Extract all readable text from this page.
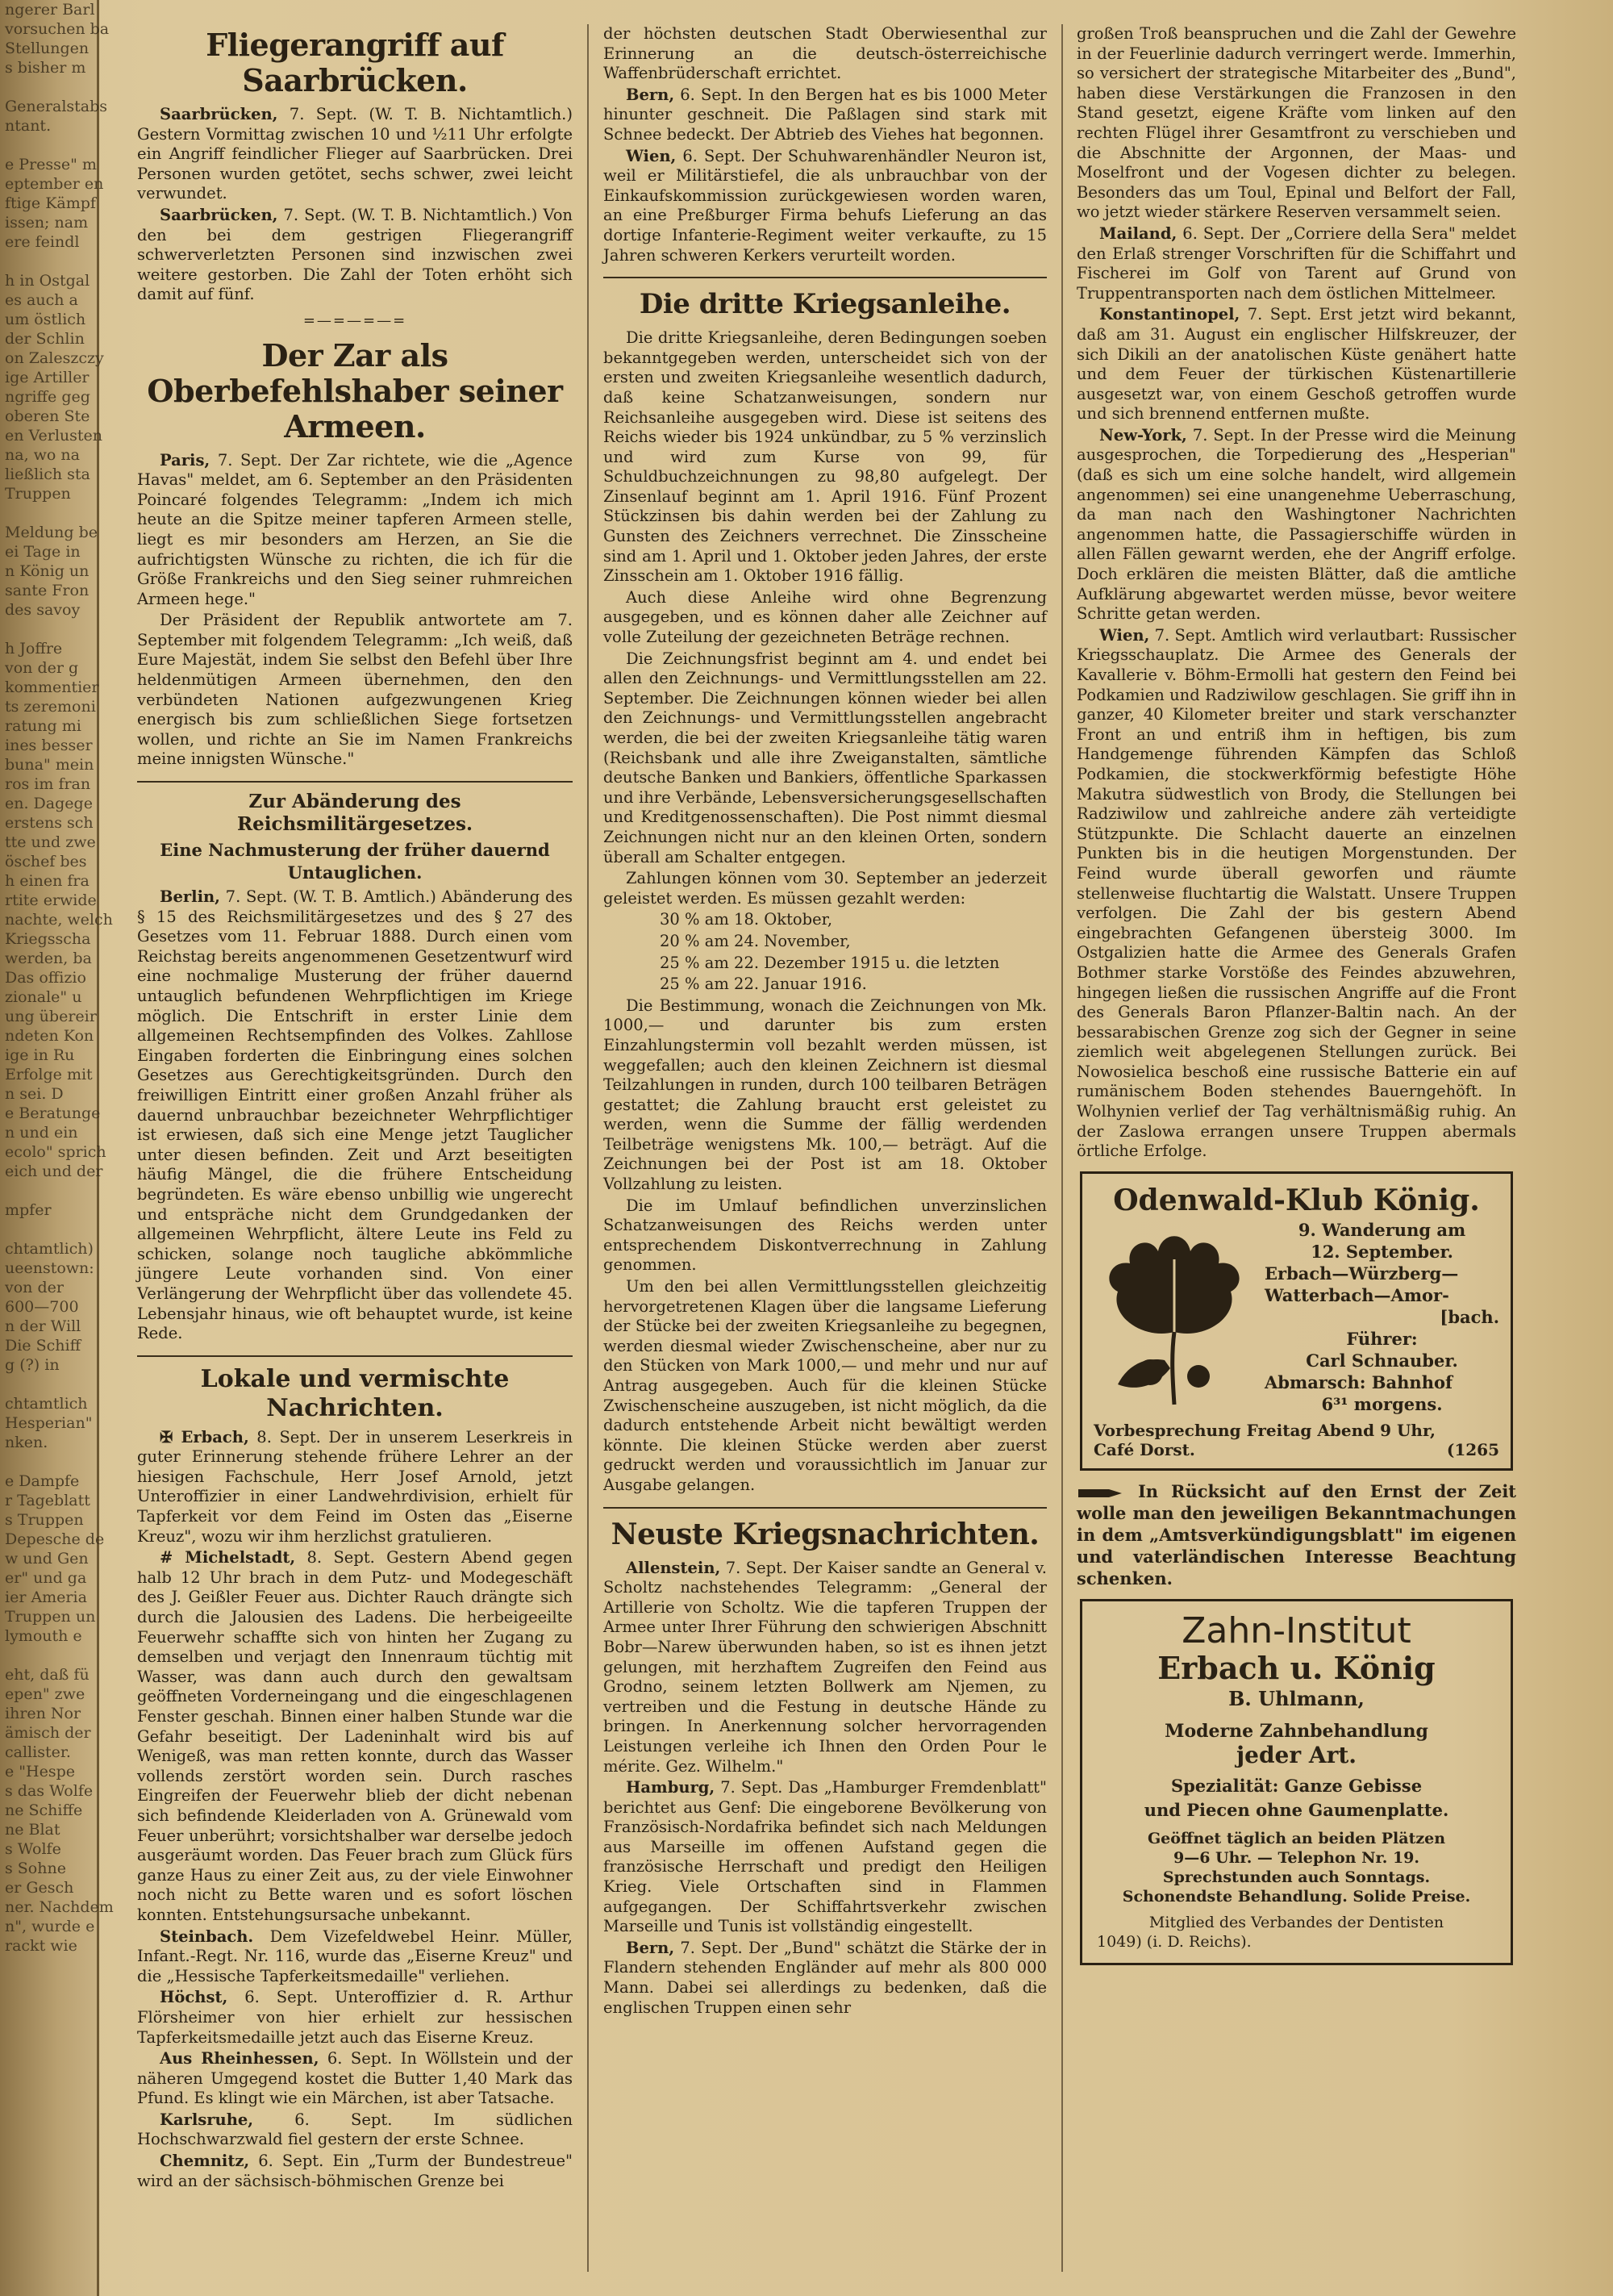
ngerer Barl
vorsuchen ba
Stellungen
s bisher m

Generalstabs
ntant.

e Presse" m
eptember en
ftige Kämpf
issen; nam
ere feindl

h in Ostgal
es auch a
um östlich
der Schlin
on Zaleszczy
ige Artiller
ngriffe geg
oberen Ste
en Verlusten
na, wo na
ließlich sta
Truppen

Meldung be
ei Tage in
n König un
sante Fron
des savoy

h Joffre
von der g
kommentier
ts zeremoni
ratung mi
ines besser
buna" mein
ros im fran
en. Dagege
erstens sch
tte und zwe
öschef bes
h einen fra
rtite erwide
nachte, welch
Kriegsscha
werden, ba
Das offizio
zionale" u
ung übereir
ndeten Kon
ige in Ru
Erfolge mit
n sei. D
e Beratunge
n und ein
ecolo" sprich
eich und der

mpfer

chtamtlich)
ueenstown:
von der
600—700
n der Will
Die Schiff
g (?) in

chtamtlich
Hesperian"
nken.

e Dampfe
r Tageblatt
s Truppen
Depesche de
w und Gen
er" und ga
ier Ameria
Truppen un
lymouth e

eht, daß fü
epen" zwe
ihren Nor
ämisch der
callister.
e "Hespe
s das Wolfe
ne Schiffe
ne Blat
s Wolfe
s Sohne
er Gesch
ner. Nachdem
n", wurde e
rackt wie
Fliegerangriff auf Saarbrücken.

Saarbrücken, 7. Sept. (W. T. B. Nichtamtlich.) Gestern Vormittag zwischen 10 und ½11 Uhr erfolgte ein Angriff feindlicher Flieger auf Saarbrücken. Drei Personen wurden getötet, sechs schwer, zwei leicht verwundet.

Saarbrücken, 7. Sept. (W. T. B. Nichtamtlich.) Von den bei dem gestrigen Fliegerangriff schwerverletzten Personen sind inzwischen zwei weitere gestorben. Die Zahl der Toten erhöht sich damit auf fünf.

=—=—=—=
Der Zar als Oberbefehlshaber seiner Armeen.

Paris, 7. Sept. Der Zar richtete, wie die „Agence Havas" meldet, am 6. September an den Präsidenten Poincaré folgendes Telegramm: „Indem ich mich heute an die Spitze meiner tapferen Armeen stelle, liegt es mir besonders am Herzen, an Sie die aufrichtigsten Wünsche zu richten, die ich für die Größe Frankreichs und den Sieg seiner ruhmreichen Armeen hege."

Der Präsident der Republik antwortete am 7. September mit folgendem Telegramm: „Ich weiß, daß Eure Majestät, indem Sie selbst den Befehl über Ihre heldenmütigen Armeen übernehmen, den den verbündeten Nationen aufgezwungenen Krieg energisch bis zum schließlichen Siege fortsetzen wollen, und richte an Sie im Namen Frankreichs meine innigsten Wünsche."

Zur Abänderung des Reichsmilitärgesetzes.
Eine Nachmusterung der früher dauernd Untauglichen.

Berlin, 7. Sept. (W. T. B. Amtlich.) Abänderung des § 15 des Reichsmilitärgesetzes und des § 27 des Gesetzes vom 11. Februar 1888. Durch einen vom Reichstag bereits angenommenen Gesetzentwurf wird eine nochmalige Musterung der früher dauernd untauglich befundenen Wehrpflichtigen im Kriege möglich. Die Entschrift in erster Linie dem allgemeinen Rechtsempfinden des Volkes. Zahllose Eingaben forderten die Einbringung eines solchen Gesetzes aus Gerechtigkeitsgründen. Durch den freiwilligen Eintritt einer großen Anzahl früher als dauernd unbrauchbar bezeichneter Wehrpflichtiger ist erwiesen, daß sich eine Menge jetzt Tauglicher unter diesen befinden. Zeit und Arzt beseitigten häufig Mängel, die die frühere Entscheidung begründeten. Es wäre ebenso unbillig wie ungerecht und entspräche nicht dem Grundgedanken der allgemeinen Wehrpflicht, ältere Leute ins Feld zu schicken, solange noch taugliche abkömmliche jüngere Leute vorhanden sind. Von einer Verlängerung der Wehrpflicht über das vollendete 45. Lebensjahr hinaus, wie oft behauptet wurde, ist keine Rede.

Lokale und vermischte Nachrichten.

✠ Erbach, 8. Sept. Der in unserem Leserkreis in guter Erinnerung stehende frühere Lehrer an der hiesigen Fachschule, Herr Josef Arnold, jetzt Unteroffizier in einer Landwehrdivision, erhielt für Tapferkeit vor dem Feind im Osten das „Eiserne Kreuz", wozu wir ihm herzlichst gratulieren.

# Michelstadt, 8. Sept. Gestern Abend gegen halb 12 Uhr brach in dem Putz- und Modegeschäft des J. Geißler Feuer aus. Dichter Rauch drängte sich durch die Jalousien des Ladens. Die herbeigeeilte Feuerwehr schaffte sich von hinten her Zugang zu demselben und verjagt den Innenraum tüchtig mit Wasser, was dann auch durch den gewaltsam geöffneten Vorderneingang und die eingeschlagenen Fenster geschah. Binnen einer halben Stunde war die Gefahr beseitigt. Der Ladeninhalt wird bis auf Wenigeß, was man retten konnte, durch das Wasser vollends zerstört worden sein. Durch rasches Eingreifen der Feuerwehr blieb der dicht nebenan sich befindende Kleiderladen von A. Grünewald vom Feuer unberührt; vorsichtshalber war derselbe jedoch ausgeräumt worden. Das Feuer brach zum Glück fürs ganze Haus zu einer Zeit aus, zu der viele Einwohner noch nicht zu Bette waren und es sofort löschen konnten. Entstehungsursache unbekannt.

Steinbach. Dem Vizefeldwebel Heinr. Müller, Infant.-Regt. Nr. 116, wurde das „Eiserne Kreuz" und die „Hessische Tapferkeitsmedaille" verliehen.

Höchst, 6. Sept. Unteroffizier d. R. Arthur Flörsheimer von hier erhielt zur hessischen Tapferkeitsmedaille jetzt auch das Eiserne Kreuz.

Aus Rheinhessen, 6. Sept. In Wöllstein und der näheren Umgegend kostet die Butter 1,40 Mark das Pfund. Es klingt wie ein Märchen, ist aber Tatsache.

Karlsruhe, 6. Sept. Im südlichen Hochschwarzwald fiel gestern der erste Schnee.

Chemnitz, 6. Sept. Ein „Turm der Bundestreue" wird an der sächsisch-böhmischen Grenze bei

der höchsten deutschen Stadt Oberwiesenthal zur Erinnerung an die deutsch-österreichische Waffenbrüderschaft errichtet.

Bern, 6. Sept. In den Bergen hat es bis 1000 Meter hinunter geschneit. Die Paßlagen sind stark mit Schnee bedeckt. Der Abtrieb des Viehes hat begonnen.

Wien, 6. Sept. Der Schuhwarenhändler Neuron ist, weil er Militärstiefel, die als unbrauchbar von der Einkaufskommission zurückgewiesen worden waren, an eine Preßburger Firma behufs Lieferung an das dortige Infanterie-Regiment weiter verkaufte, zu 15 Jahren schweren Kerkers verurteilt worden.

Die dritte Kriegsanleihe.

Die dritte Kriegsanleihe, deren Bedingungen soeben bekanntgegeben werden, unterscheidet sich von der ersten und zweiten Kriegsanleihe wesentlich dadurch, daß keine Schatzanweisungen, sondern nur Reichsanleihe ausgegeben wird. Diese ist seitens des Reichs wieder bis 1924 unkündbar, zu 5 % verzinslich und wird zum Kurse von 99, für Schuldbuchzeichnungen zu 98,80 aufgelegt. Der Zinsenlauf beginnt am 1. April 1916. Fünf Prozent Stückzinsen bis dahin werden bei der Zahlung zu Gunsten des Zeichners verrechnet. Die Zinsscheine sind am 1. April und 1. Oktober jeden Jahres, der erste Zinsschein am 1. Oktober 1916 fällig.

Auch diese Anleihe wird ohne Begrenzung ausgegeben, und es können daher alle Zeichner auf volle Zuteilung der gezeichneten Beträge rechnen.

Die Zeichnungsfrist beginnt am 4. und endet bei allen den Zeichnungs- und Vermittlungsstellen am 22. September. Die Zeichnungen können wieder bei allen den Zeichnungs- und Vermittlungsstellen angebracht werden, die bei der zweiten Kriegsanleihe tätig waren (Reichsbank und alle ihre Zweiganstalten, sämtliche deutsche Banken und Bankiers, öffentliche Sparkassen und ihre Verbände, Lebensversicherungsgesellschaften und Kreditgenossenschaften). Die Post nimmt diesmal Zeichnungen nicht nur an den kleinen Orten, sondern überall am Schalter entgegen.

Zahlungen können vom 30. September an jederzeit geleistet werden. Es müssen gezahlt werden:

30 % am 18. Oktober,
20 % am 24. November,
25 % am 22. Dezember 1915 u. die letzten
25 % am 22. Januar 1916.

Die Bestimmung, wonach die Zeichnungen von Mk. 1000,— und darunter bis zum ersten Einzahlungstermin voll bezahlt werden müssen, ist weggefallen; auch den kleinen Zeichnern ist diesmal Teilzahlungen in runden, durch 100 teilbaren Beträgen gestattet; die Zahlung braucht erst geleistet zu werden, wenn die Summe der fällig werdenden Teilbeträge wenigstens Mk. 100,— beträgt. Auf die Zeichnungen bei der Post ist am 18. Oktober Vollzahlung zu leisten.

Die im Umlauf befindlichen unverzinslichen Schatzanweisungen des Reichs werden unter entsprechendem Diskontverrechnung in Zahlung genommen.

Um den bei allen Vermittlungsstellen gleichzeitig hervorgetretenen Klagen über die langsame Lieferung der Stücke bei der zweiten Kriegsanleihe zu begegnen, werden diesmal wieder Zwischenscheine, aber nur zu den Stücken von Mark 1000,— und mehr und nur auf Antrag ausgegeben. Auch für die kleinen Stücke Zwischenscheine auszugeben, ist nicht möglich, da die dadurch entstehende Arbeit nicht bewältigt werden könnte. Die kleinen Stücke werden aber zuerst gedruckt werden und voraussichtlich im Januar zur Ausgabe gelangen.

Neuste Kriegsnachrichten.

Allenstein, 7. Sept. Der Kaiser sandte an General v. Scholtz nachstehendes Telegramm: „General der Artillerie von Scholtz. Wie die tapferen Truppen der Armee unter Ihrer Führung den schwierigen Abschnitt Bobr—Narew überwunden haben, so ist es ihnen jetzt gelungen, mit herzhaftem Zugreifen den Feind aus Grodno, seinem letzten Bollwerk am Njemen, zu vertreiben und die Festung in deutsche Hände zu bringen. In Anerkennung solcher hervorragenden Leistungen verleihe ich Ihnen den Orden Pour le mérite. Gez. Wilhelm."

Hamburg, 7. Sept. Das „Hamburger Fremdenblatt" berichtet aus Genf: Die eingeborene Bevölkerung von Französisch-Nordafrika befindet sich nach Meldungen aus Marseille im offenen Aufstand gegen die französische Herrschaft und predigt den Heiligen Krieg. Viele Ortschaften sind in Flammen aufgegangen. Der Schiffahrtsverkehr zwischen Marseille und Tunis ist vollständig eingestellt.

Bern, 7. Sept. Der „Bund" schätzt die Stärke der in Flandern stehenden Engländer auf mehr als 800 000 Mann. Dabei sei allerdings zu bedenken, daß die englischen Truppen einen sehr

großen Troß beanspruchen und die Zahl der Gewehre in der Feuerlinie dadurch verringert werde. Immerhin, so versichert der strategische Mitarbeiter des „Bund", haben diese Verstärkungen die Franzosen in den Stand gesetzt, eigene Kräfte vom linken auf den rechten Flügel ihrer Gesamtfront zu verschieben und die Abschnitte der Argonnen, der Maas- und Moselfront und der Vogesen dichter zu belegen. Besonders das um Toul, Epinal und Belfort der Fall, wo jetzt wieder stärkere Reserven versammelt seien.

Mailand, 6. Sept. Der „Corriere della Sera" meldet den Erlaß strenger Vorschriften für die Schiffahrt und Fischerei im Golf von Tarent auf Grund von Truppentransporten nach dem östlichen Mittelmeer.

Konstantinopel, 7. Sept. Erst jetzt wird bekannt, daß am 31. August ein englischer Hilfskreuzer, der sich Dikili an der anatolischen Küste genähert hatte und dem Feuer der türkischen Küstenartillerie ausgesetzt war, von einem Geschoß getroffen wurde und sich brennend entfernen mußte.

New-York, 7. Sept. In der Presse wird die Meinung ausgesprochen, die Torpedierung des „Hesperian" (daß es sich um eine solche handelt, wird allgemein angenommen) sei eine unangenehme Ueberraschung, da man nach den Washingtoner Nachrichten angenommen hatte, die Passagierschiffe würden in allen Fällen gewarnt werden, ehe der Angriff erfolge. Doch erklären die meisten Blätter, daß die amtliche Aufklärung abgewartet werden müsse, bevor weitere Schritte getan werden.

Wien, 7. Sept. Amtlich wird verlautbart: Russischer Kriegsschauplatz. Die Armee des Generals der Kavallerie v. Böhm-Ermolli hat gestern den Feind bei Podkamien und Radziwilow geschlagen. Sie griff ihn in ganzer, 40 Kilometer breiter und stark verschanzter Front an und entriß ihm in heftigen, bis zum Handgemenge führenden Kämpfen das Schloß Podkamien, die stockwerkförmig befestigte Höhe Makutra südwestlich von Brody, die Stellungen bei Radziwilow und zahlreiche andere zäh verteidigte Stützpunkte. Die Schlacht dauerte an einzelnen Punkten bis in die heutigen Morgenstunden. Der Feind wurde überall geworfen und räumte stellenweise fluchtartig die Walstatt. Unsere Truppen verfolgen. Die Zahl der bis gestern Abend eingebrachten Gefangenen übersteig 3000. Im Ostgalizien hatte die Armee des Generals Grafen Bothmer starke Vorstöße des Feindes abzuwehren, hingegen ließen die russischen Angriffe auf die Front des Generals Baron Pflanzer-Baltin nach. An der bessarabischen Grenze zog sich der Gegner in seine ziemlich weit abgelegenen Stellungen zurück. Bei Nowosielica beschoß eine russische Batterie ein auf rumänischem Boden stehendes Bauerngehöft. In Wolhynien verlief der Tag verhältnismäßig ruhig. An der Zaslowa errangen unsere Truppen abermals örtliche Erfolge.

Odenwald-Klub König.
9. Wanderung am
12. September.
Erbach—Würzberg—
Watterbach—Amor-
[bach.
Führer:
Carl Schnauber.
Abmarsch: Bahnhof
6³¹ morgens.
Vorbesprechung Freitag Abend 9 Uhr,
Café Dorst.	(1265
In Rücksicht auf den Ernst der Zeit wolle man den jeweiligen Bekanntmachungen in dem „Amtsverkündigungsblatt" im eigenen und vaterländischen Interesse Beachtung schenken.
Zahn-Institut
Erbach u. König
B. Uhlmann,
Moderne Zahnbehandlung
jeder Art.
Spezialität: Ganze Gebisse
und Piecen ohne Gaumenplatte.
Geöffnet täglich an beiden Plätzen
9—6 Uhr. — Telephon Nr. 19.
Sprechstunden auch Sonntags.
Schonendste Behandlung. Solide Preise.
Mitglied des Verbandes der Dentisten
1049) (i. D. Reichs).
